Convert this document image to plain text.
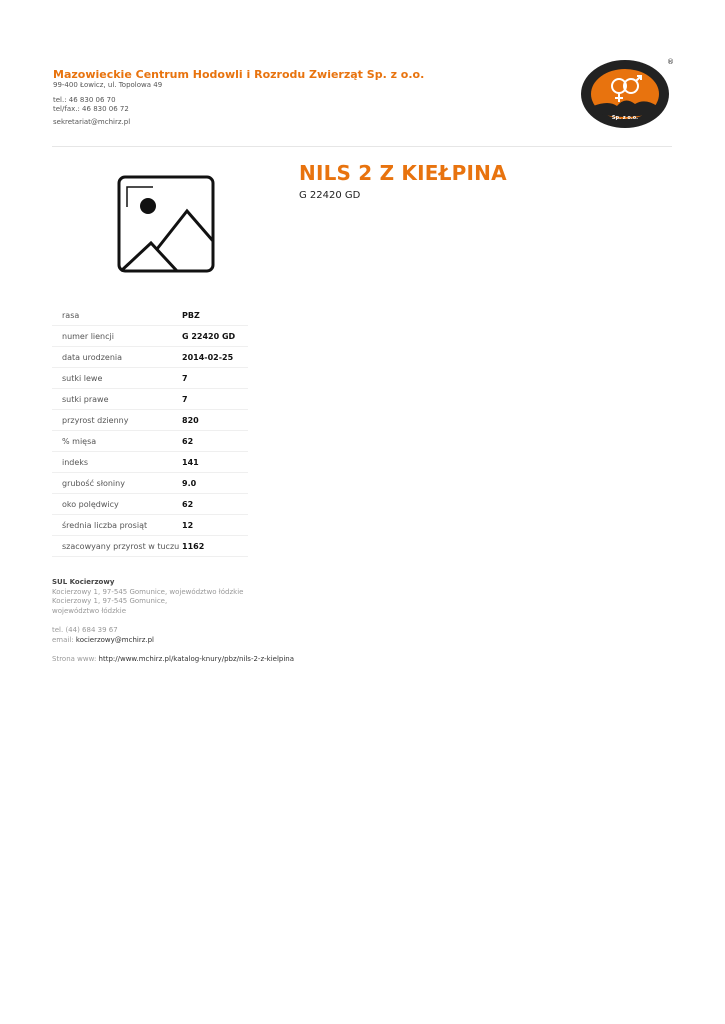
Mazowieckie Centrum Hodowli i Rozrodu Zwierząt Sp. z o.o.
99-400 Łowicz, ul. Topolowa 49
tel.: 46 830 06 70
tel/fax.: 46 830 06 72
sekretariat@mchirz.pl	Sp. z o.o.
®
NILS 2 Z KIEŁPINA
G 22420 GD
rasa	PBZ
numer liencji	G 22420 GD
data urodzenia	2014-02-25
sutki lewe	7
sutki prawe	7
przyrost dzienny	820
% mięsa	62
indeks	141
grubość słoniny	9.0
oko polędwicy	62
średnia liczba prosiąt	12
szacowyany przyrost w tuczu	1162
SUL Kocierzowy
Kocierzowy 1, 97-545 Gomunice, województwo łódzkie
Kocierzowy 1, 97-545 Gomunice,
województwo łódzkie
tel. (44) 684 39 67
email: kocierzowy@mchirz.pl
Strona www: http://www.mchirz.pl/katalog-knury/pbz/nils-2-z-kielpina
